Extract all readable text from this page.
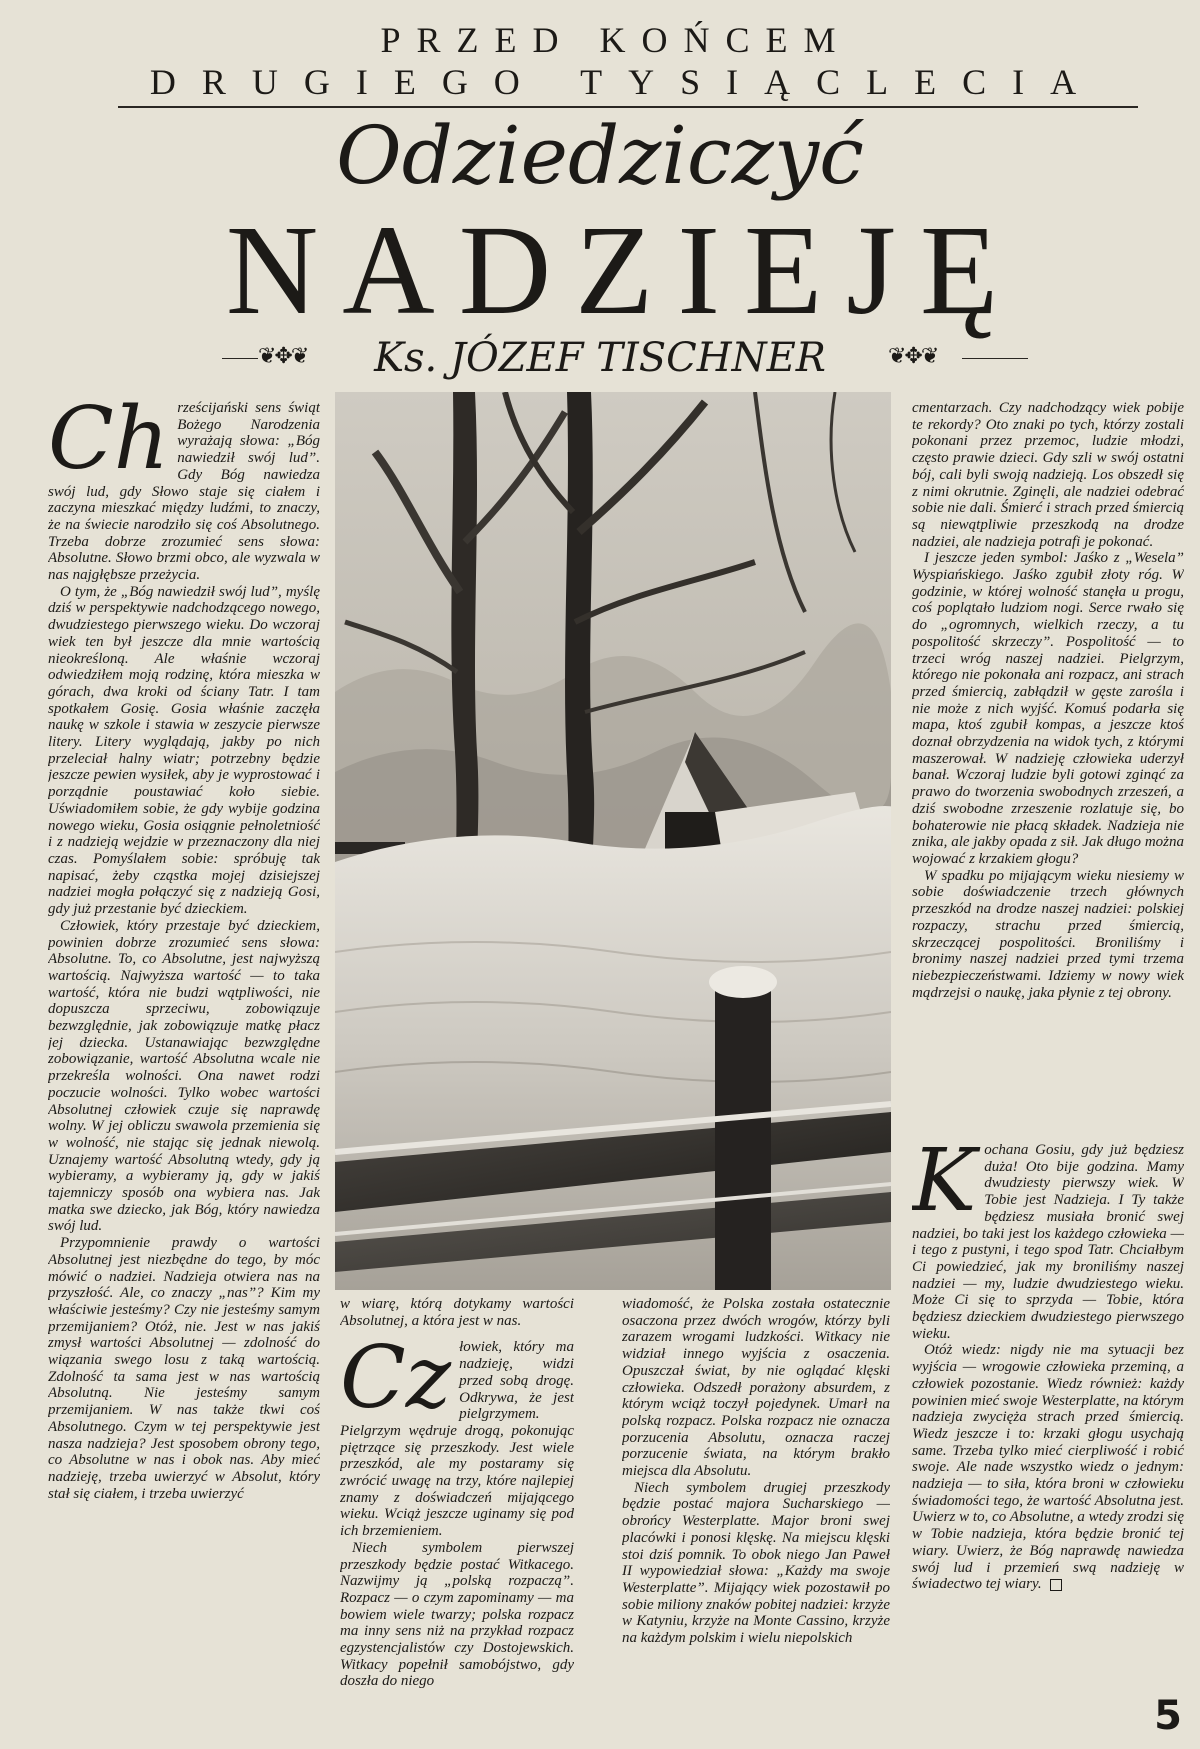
PRZED KOŃCEM
DRUGIEGO TYSIĄCLECIA
Odziedziczyć
NADZIEJĘ
❦✥❦	❦✥❦
Ks. JÓZEF TISCHNER

Ch rześcijański sens świąt Bożego Narodzenia wyrażają słowa: „Bóg nawiedził swój lud”. Gdy Bóg nawiedza swój lud, gdy Słowo staje się ciałem i zaczyna mieszkać między ludźmi, to znaczy, że na świecie narodziło się coś Absolutnego. Trzeba dobrze zrozumieć sens słowa: Absolutne. Słowo brzmi obco, ale wyzwala w nas najgłębsze przeżycia.

O tym, że „Bóg nawiedził swój lud”, myślę dziś w perspektywie nadchodzącego nowego, dwudziestego pierwszego wieku. Do wczoraj wiek ten był jeszcze dla mnie wartością nieokreśloną. Ale właśnie wczoraj odwiedziłem moją rodzinę, która mieszka w górach, dwa kroki od ściany Tatr. I tam spotkałem Gosię. Gosia właśnie zaczęła naukę w szkole i stawia w zeszycie pierwsze litery. Litery wyglądają, jakby po nich przeleciał halny wiatr; potrzebny będzie jeszcze pewien wysiłek, aby je wyprostować i porządnie poustawiać koło siebie. Uświadomiłem sobie, że gdy wybije godzina nowego wieku, Gosia osiągnie pełnoletniość i z nadzieją wejdzie w przeznaczony dla niej czas. Pomyślałem sobie: spróbuję tak napisać, żeby cząstka mojej dzisiejszej nadziei mogła połączyć się z nadzieją Gosi, gdy już przestanie być dzieckiem.

Człowiek, który przestaje być dzieckiem, powinien dobrze zrozumieć sens słowa: Absolutne. To, co Absolutne, jest najwyższą wartością. Najwyższa wartość — to taka wartość, która nie budzi wątpliwości, nie dopuszcza sprzeciwu, zobowiązuje bezwzględnie, jak zobowiązuje matkę płacz jej dziecka. Ustanawiając bezwzględne zobowiązanie, wartość Absolutna wcale nie przekreśla wolności. Ona nawet rodzi poczucie wolności. Tylko wobec wartości Absolutnej człowiek czuje się naprawdę wolny. W jej obliczu swawola przemienia się w wolność, nie stając się jednak niewolą. Uznajemy wartość Absolutną wtedy, gdy ją wybieramy, a wybieramy ją, gdy w jakiś tajemniczy sposób ona wybiera nas. Jak matka swe dziecko, jak Bóg, który nawiedza swój lud.

Przypomnienie prawdy o wartości Absolutnej jest niezbędne do tego, by móc mówić o nadziei. Nadzieja otwiera nas na przyszłość. Ale, co znaczy „nas”? Kim my właściwie jesteśmy? Czy nie jesteśmy samym przemijaniem? Otóż, nie. Jest w nas jakiś zmysł wartości Absolutnej — zdolność do wiązania swego losu z taką wartością. Zdolność ta sama jest w nas wartością Absolutną. Nie jesteśmy samym przemijaniem. W nas także tkwi coś Absolutnego. Czym w tej perspektywie jest nasza nadzieja? Jest sposobem obrony tego, co Absolutne w nas i obok nas. Aby mieć nadzieję, trzeba uwierzyć w Absolut, który stał się ciałem, i trzeba uwierzyć

w wiarę, którą dotykamy wartości Absolutnej, a która jest w nas.

Cz łowiek, który ma nadzieję, widzi przed sobą drogę. Odkrywa, że jest pielgrzymem. Pielgrzym wędruje drogą, pokonując piętrzące się przeszkody. Jest wiele przeszkód, ale my postaramy się zwrócić uwagę na trzy, które najlepiej znamy z doświadczeń mijającego wieku. Wciąż jeszcze uginamy się pod ich brzemieniem.

Niech symbolem pierwszej przeszkody będzie postać Witkacego. Nazwijmy ją „polską rozpaczą”. Rozpacz — o czym zapominamy — ma bowiem wiele twarzy; polska rozpacz ma inny sens niż na przykład rozpacz egzystencjalistów czy Dostojewskich. Witkacy popełnił samobójstwo, gdy doszła do niego

wiadomość, że Polska została ostatecznie osaczona przez dwóch wrogów, którzy byli zarazem wrogami ludzkości. Witkacy nie widział innego wyjścia z osaczenia. Opuszczał świat, by nie oglądać klęski człowieka. Odszedł porażony absurdem, z którym wciąż toczył pojedynek. Umarł na polską rozpacz. Polska rozpacz nie oznacza porzucenia Absolutu, oznacza raczej porzucenie świata, na którym brakło miejsca dla Absolutu.

Niech symbolem drugiej przeszkody będzie postać majora Sucharskiego — obrońcy Westerplatte. Major broni swej placówki i ponosi klęskę. Na miejscu klęski stoi dziś pomnik. To obok niego Jan Paweł II wypowiedział słowa: „Każdy ma swoje Westerplatte”. Mijający wiek pozostawił po sobie miliony znaków pobitej nadziei: krzyże w Katyniu, krzyże na Monte Cassino, krzyże na każdym polskim i wielu niepolskich

cmentarzach. Czy nadchodzący wiek pobije te rekordy? Oto znaki po tych, którzy zostali pokonani przez przemoc, ludzie młodzi, często prawie dzieci. Gdy szli w swój ostatni bój, cali byli swoją nadzieją. Los obszedł się z nimi okrutnie. Zginęli, ale nadziei odebrać sobie nie dali. Śmierć i strach przed śmiercią są niewątpliwie przeszkodą na drodze nadziei, ale nadzieja potrafi je pokonać.

I jeszcze jeden symbol: Jaśko z „Wesela” Wyspiańskiego. Jaśko zgubił złoty róg. W godzinie, w której wolność stanęła u progu, coś poplątało ludziom nogi. Serce rwało się do „ogromnych, wielkich rzeczy, a tu pospolitość skrzeczy”. Pospolitość — to trzeci wróg naszej nadziei. Pielgrzym, którego nie pokonała ani rozpacz, ani strach przed śmiercią, zabłądził w gęste zarośla i nie może z nich wyjść. Komuś podarła się mapa, ktoś zgubił kompas, a jeszcze ktoś doznał obrzydzenia na widok tych, z którymi maszerował. W nadzieję człowieka uderzył banał. Wczoraj ludzie byli gotowi zginąć za prawo do tworzenia swobodnych zrzeszeń, a dziś swobodne zrzeszenie rozlatuje się, bo bohaterowie nie płacą składek. Nadzieja nie znika, ale jakby opada z sił. Jak długo można wojować z krzakiem głogu?

W spadku po mijającym wieku niesiemy w sobie doświadczenie trzech głównych przeszkód na drodze naszej nadziei: polskiej rozpaczy, strachu przed śmiercią, skrzeczącej pospolitości. Broniliśmy i bronimy naszej nadziei przed tymi trzema niebezpieczeństwami. Idziemy w nowy wiek mądrzejsi o naukę, jaka płynie z tej obrony.

Kochana Gosiu, gdy już będziesz duża! Oto bije godzina. Mamy dwudziesty pierwszy wiek. W Tobie jest Nadzieja. I Ty także będziesz musiała bronić swej nadziei, bo taki jest los każdego człowieka — i tego z pustyni, i tego spod Tatr. Chciałbym Ci powiedzieć, jak my broniliśmy naszej nadziei — my, ludzie dwudziestego wieku. Może Ci się to sprzyda — Tobie, która będziesz dzieckiem dwudziestego pierwszego wieku.

Otóż wiedz: nigdy nie ma sytuacji bez wyjścia — wrogowie człowieka przeminą, a człowiek pozostanie. Wiedz również: każdy powinien mieć swoje Westerplatte, na którym nadzieja zwycięża strach przed śmiercią. Wiedz jeszcze i to: krzaki głogu usychają same. Trzeba tylko mieć cierpliwość i robić swoje. Ale nade wszystko wiedz o jednym: nadzieja — to siła, która broni w człowieku świadomości tego, że wartość Absolutna jest. Uwierz w to, co Absolutne, a wtedy zrodzi się w Tobie nadzieja, która będzie bronić tej wiary. Uwierz, że Bóg naprawdę nawiedza swój lud i przemień swą nadzieję w świadectwo tej wiary.

5
